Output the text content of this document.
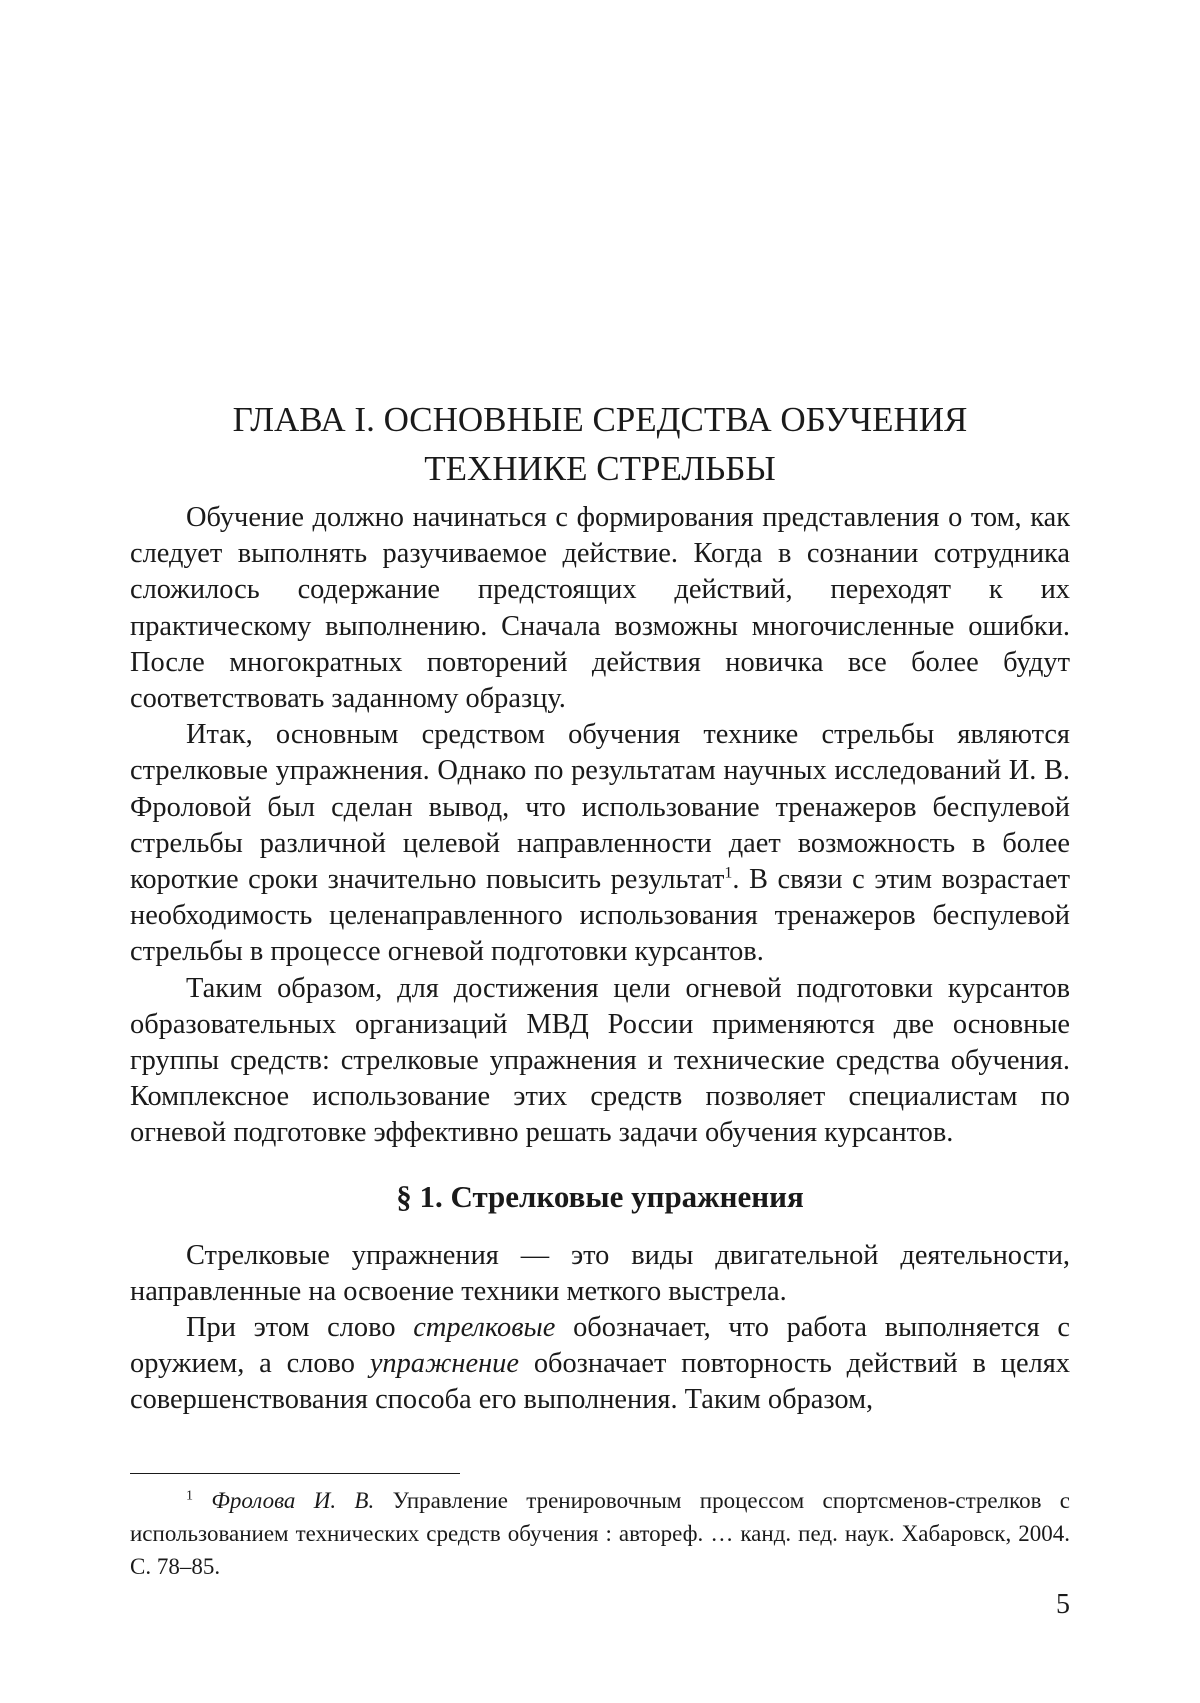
ГЛАВА I. ОСНОВНЫЕ СРЕДСТВА ОБУЧЕНИЯ
ТЕХНИКЕ СТРЕЛЬБЫ

Обучение должно начинаться с формирования представления о том, как следует выполнять разучиваемое действие. Когда в сознании сотрудника сложилось содержание предстоящих действий, переходят к их практическому выполнению. Сначала возможны многочисленные ошибки. После многократных повторений действия новичка все более будут соответствовать заданному образцу.

Итак, основным средством обучения технике стрельбы являются стрелковые упражнения. Однако по результатам научных исследований И. В. Фроловой был сделан вывод, что использование тренажеров беспулевой стрельбы различной целевой направленности дает возможность в более короткие сроки значительно повысить результат$^1$. В связи с этим возрастает необходимость целенаправленного использования тренажеров беспулевой стрельбы в процессе огневой подготовки курсантов.

Таким образом, для достижения цели огневой подготовки курсантов образовательных организаций МВД России применяются две основные группы средств: стрелковые упражнения и технические средства обучения. Комплексное использование этих средств позволяет специалистам по огневой подготовке эффективно решать задачи обучения курсантов.

§ 1. Стрелковые упражнения

Стрелковые упражнения — это виды двигательной деятельности, направленные на освоение техники меткого выстрела.

При этом слово стрелковые обозначает, что работа выполняется с оружием, а слово упражнение обозначает повторность действий в целях совершенствования способа его выполнения. Таким образом,

$^1$ Фролова И. В. Управление тренировочным процессом спортсменов-стрелков с использованием технических средств обучения : автореф. … канд. пед. наук. Хабаровск, 2004. С. 78–85.

5
